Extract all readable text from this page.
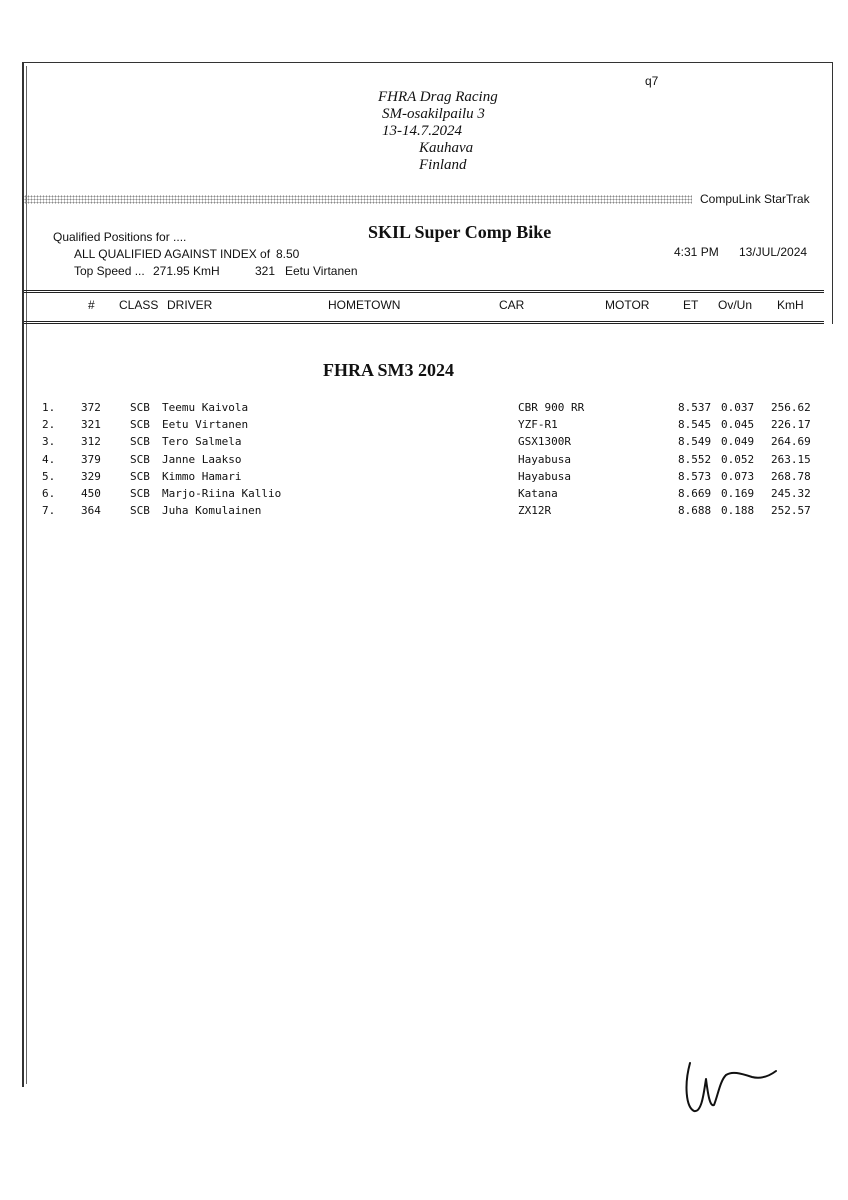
q7
FHRA Drag Racing
SM-osakilpailu 3
13-14.7.2024
Kauhava
Finland
CompuLink StarTrak
Qualified Positions for ....	SKIL Super Comp Bike
ALL QUALIFIED AGAINST INDEX of 8.50	4:31 PM 13/JUL/2024
Top Speed ... 271.95 KmH	321 Eetu Virtanen
# CLASS DRIVER	HOMETOWN	CAR	MOTOR	ET Ov/Un KmH
FHRA SM3 2024
1. 372	SCB Teemu Kaivola	CBR 900 RR	8.537 0.037 256.62
2. 321	SCB Eetu Virtanen	YZF-R1	8.545 0.045 226.17
3. 312	SCB Tero Salmela	GSX1300R	8.549 0.049 264.69
4. 379	SCB Janne Laakso	Hayabusa	8.552 0.052 263.15
5. 329	SCB Kimmo Hamari	Hayabusa	8.573 0.073 268.78
6. 450	SCB Marjo-Riina Kallio	Katana	8.669 0.169 245.32
7. 364	SCB Juha Komulainen	ZX12R	8.688 0.188 252.57
